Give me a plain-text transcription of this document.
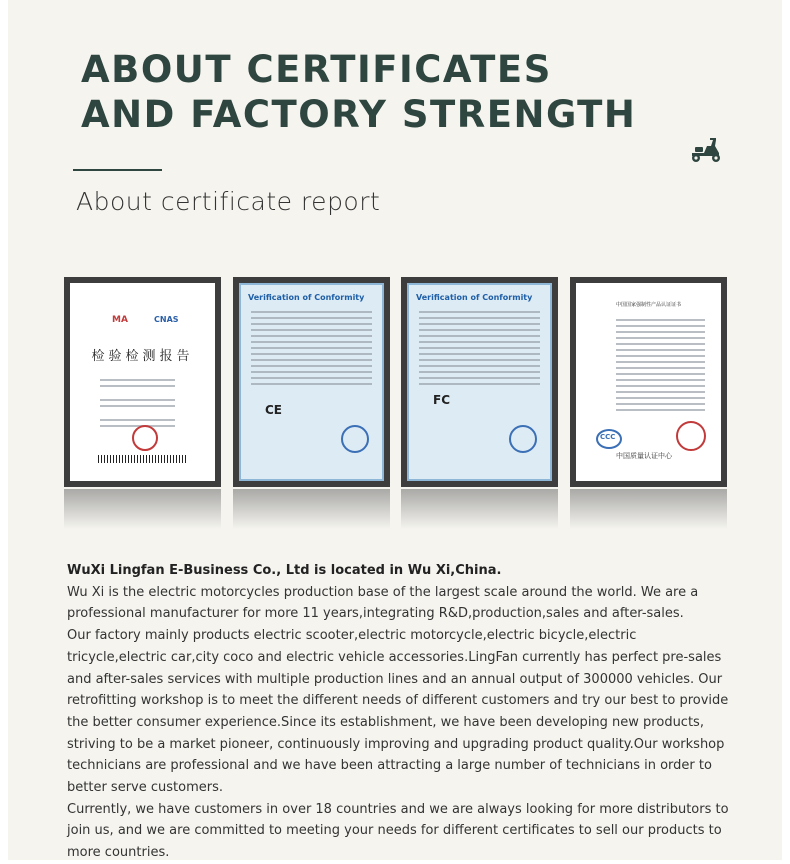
ABOUT CERTIFICATES
AND FACTORY STRENGTH
About certificate report
MA	CNAS
检验检测报告
Verification of Conformity
CE
Verification of Conformity
FC
中国国家强制性产品认证证书
CCC
中国质量认证中心

WuXi Lingfan E-Business Co., Ltd is located in Wu Xi,China.

Wu Xi is the electric motorcycles production base of the largest scale around the world. We are a professional manufacturer for more 11 years,integrating R&D,production,sales and after-sales.

Our factory mainly products electric scooter,electric motorcycle,electric bicycle,electric tricycle,electric car,city coco and electric vehicle accessories.LingFan currently has perfect pre-sales and after-sales services with multiple production lines and an annual output of 300000 vehicles. Our retrofitting workshop is to meet the different needs of different customers and try our best to provide the better consumer experience.Since its establishment, we have been developing new products, striving to be a market pioneer, continuously improving and upgrading product quality.Our workshop technicians are professional and we have been attracting a large number of technicians in order to better serve customers.

Currently, we have customers in over 18 countries and we are always looking for more distributors to join us, and we are committed to meeting your needs for different certificates to sell our products to more countries.
